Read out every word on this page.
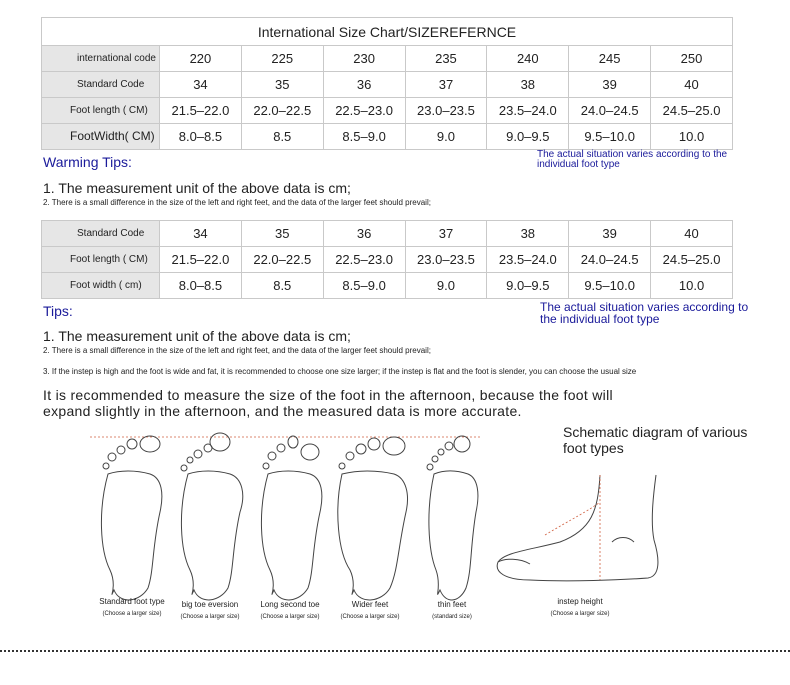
International Size Chart/SIZEREFERNCE							
international code	220	225	230	235	240	245	250
Standard Code	34	35	36	37	38	39	40
Foot length ( CM)	21.5–22.0	22.0–22.5	22.5–23.0	23.0–23.5	23.5–24.0	24.0–24.5	24.5–25.0
FootWidth( CM)	8.0–8.5	8.5	8.5–9.0	9.0	9.0–9.5	9.5–10.0	10.0
Warming Tips:	The actual situation varies according to the individual foot type
1. The measurement unit of the above data is cm;
2. There is a small difference in the size of the left and right feet, and the data of the larger feet should prevail;
Standard Code	34	35	36	37	38	39	40
Foot length ( CM)	21.5–22.0	22.0–22.5	22.5–23.0	23.0–23.5	23.5–24.0	24.0–24.5	24.5–25.0
Foot width ( cm)	8.0–8.5	8.5	8.5–9.0	9.0	9.0–9.5	9.5–10.0	10.0
Tips:	The actual situation varies according to the individual foot type
1. The measurement unit of the above data is cm;
2. There is a small difference in the size of the left and right feet, and the data of the larger feet should prevail;
3. If the instep is high and the foot is wide and fat, it is recommended to choose one size larger; if the instep is flat and the foot is slender, you can choose the usual size
It is recommended to measure the size of the foot in the afternoon, because the foot will expand slightly in the afternoon, and the measured data is more accurate.
Schematic diagram of various foot types
Standard foot type
(Choose a larger size)
big toe eversion
(Choose a larger size)
Long second toe
(Choose a larger size)
Wider feet
(Choose a larger size)
thin feet
(standard size)
instep height
(Choose a larger size)
